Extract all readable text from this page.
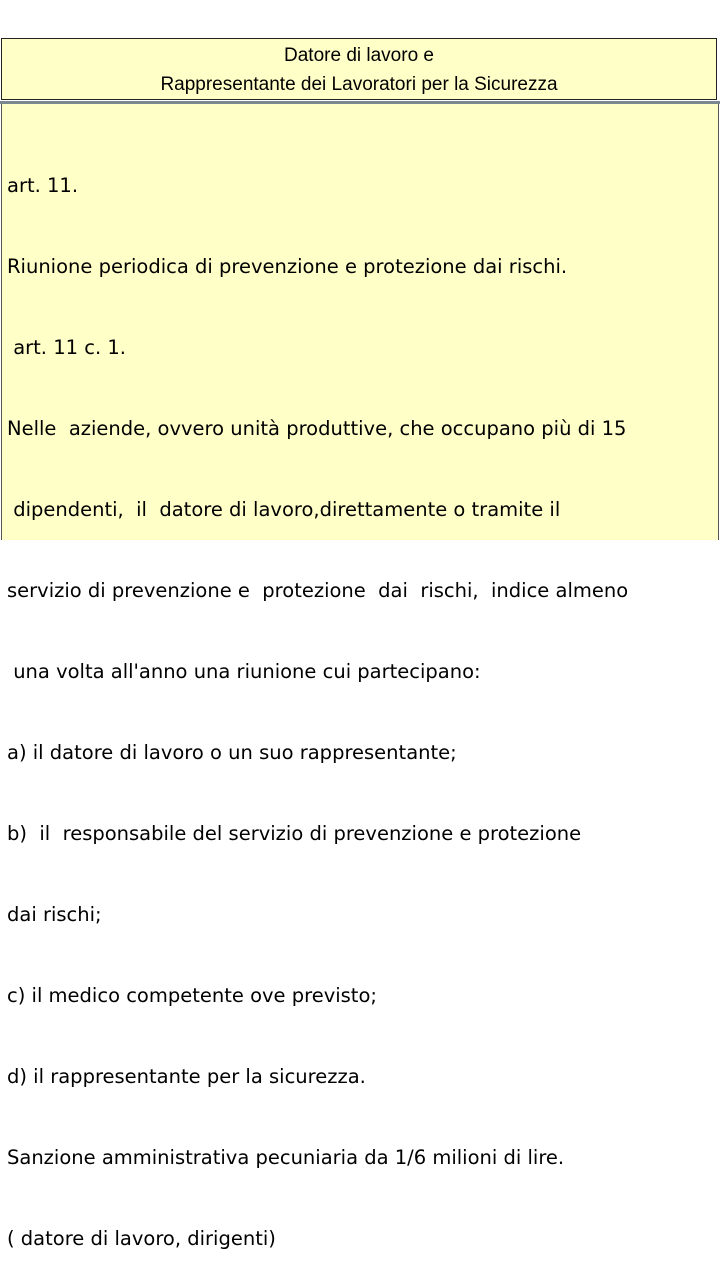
Datore di lavoro e
Rappresentante dei Lavoratori per la Sicurezza

art. 11.

Riunione periodica di prevenzione e protezione dai rischi.

art. 11 c. 1.

Nelle  aziende, ovvero unità produttive, che occupano più di 15

dipendenti,  il  datore di lavoro,direttamente o tramite il

servizio di prevenzione e  protezione  dai  rischi,  indice almeno

una volta all'anno una riunione cui partecipano:

a) il datore di lavoro o un suo rappresentante;

b)  il  responsabile del servizio di prevenzione e protezione

dai rischi;

c) il medico competente ove previsto;

d) il rappresentante per la sicurezza.

Sanzione amministrativa pecuniaria da 1/6 milioni di lire.

( datore di lavoro, dirigenti)
